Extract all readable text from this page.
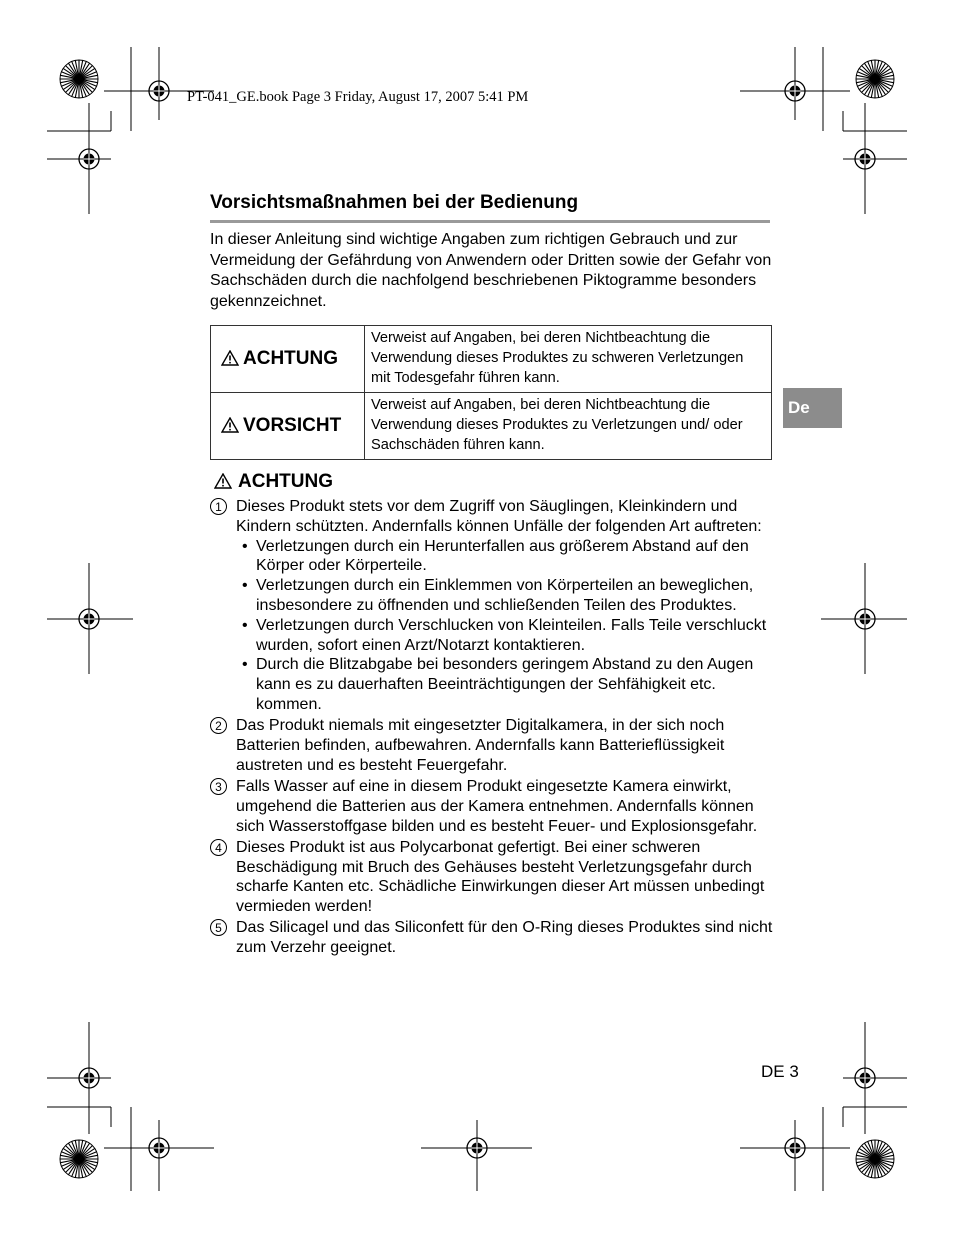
PT-041_GE.book Page 3 Friday, August 17, 2007 5:41 PM
Vorsichtsmaßnahmen bei der Bedienung
In dieser Anleitung sind wichtige Angaben zum richtigen Gebrauch und zur Vermeidung der Gefährdung von Anwendern oder Dritten sowie der Gefahr von Sachschäden durch die nachfolgend beschriebenen Piktogramme besonders gekennzeichnet.
ACHTUNG	Verweist auf Angaben, bei deren Nichtbeachtung die Verwendung dieses Produktes zu schweren Verletzungen mit Todesgefahr führen kann.

VORSICHT	Verweist auf Angaben, bei deren Nichtbeachtung die Verwendung dieses Produktes zu Verletzungen und/ oder Sachschäden führen kann.
De
ACHTUNG
1 Dieses Produkt stets vor dem Zugriff von Säuglingen, Kleinkindern und Kindern schützten. Andernfalls können Unfälle der folgenden Art auftreten:
• Verletzungen durch ein Herunterfallen aus größerem Abstand auf den Körper oder Körperteile.
• Verletzungen durch ein Einklemmen von Körperteilen an beweglichen, insbesondere zu öffnenden und schließenden Teilen des Produktes.
• Verletzungen durch Verschlucken von Kleinteilen. Falls Teile verschluckt wurden, sofort einen Arzt/Notarzt kontaktieren.
• Durch die Blitzabgabe bei besonders geringem Abstand zu den Augen kann es zu dauerhaften Beeinträchtigungen der Sehfähigkeit etc. kommen.
2 Das Produkt niemals mit eingesetzter Digitalkamera, in der sich noch Batterien befinden, aufbewahren. Andernfalls kann Batterieflüssigkeit austreten und es besteht Feuergefahr.
3 Falls Wasser auf eine in diesem Produkt eingesetzte Kamera einwirkt, umgehend die Batterien aus der Kamera entnehmen. Andernfalls können sich Wasserstoffgase bilden und es besteht Feuer- und Explosionsgefahr.
4 Dieses Produkt ist aus Polycarbonat gefertigt. Bei einer schweren Beschädigung mit Bruch des Gehäuses besteht Verletzungsgefahr durch scharfe Kanten etc. Schädliche Einwirkungen dieser Art müssen unbedingt vermieden werden!
5 Das Silicagel und das Siliconfett für den O-Ring dieses Produktes sind nicht zum Verzehr geeignet.
DE 3
